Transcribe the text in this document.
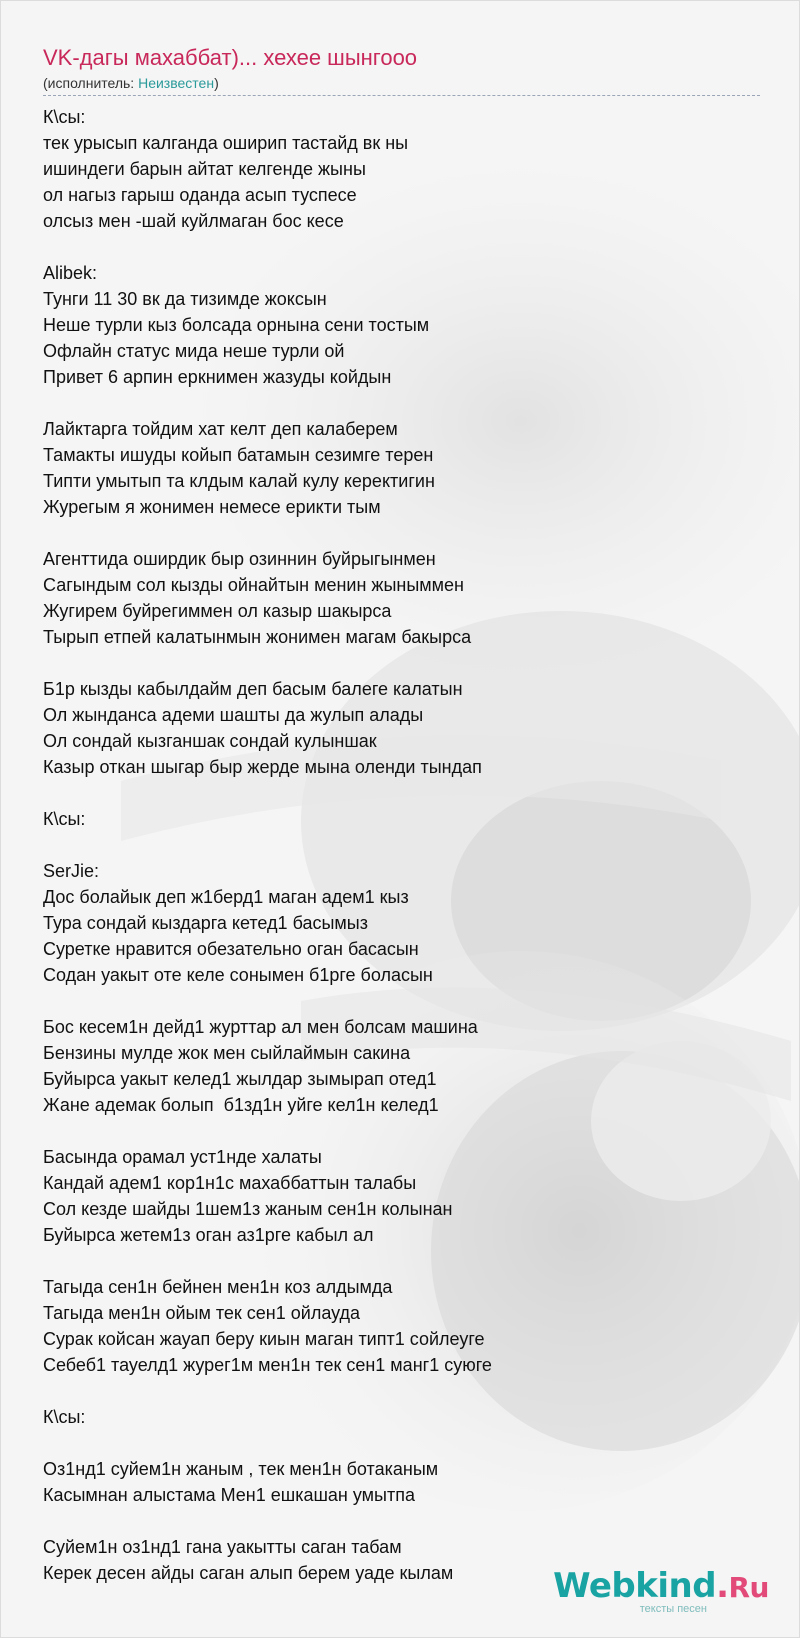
VK-дагы махаббат)... хехее шынгооо
(исполнитель: Неизвестен)
К\сы:
тек урысып калганда оширип тастайд вк ны
ишиндеги барын айтат келгенде жыны
ол нагыз гарыш оданда асып туспесе
олсыз мен -шай куйлмаган бос кесе
Alibek:
Тунги 11 30 вк да тизимде жоксын
Неше турли кыз болсада орнына сени тостым
Офлайн статус мида неше турли ой
Привет 6 арпин еркнимен жазуды койдын
Лайктарга тойдим хат келт деп калаберем
Тамакты ишуды койып батамын сезимге терен
Типти умытып та клдым калай кулу керектигин
Журегым я жонимен немесе ерикти тым
Агенттида оширдик быр озиннин буйрыгынмен
Сагындым сол кызды ойнайтын менин жыныммен
Жугирем буйрегиммен ол казыр шакырса
Тырып етпей калатынмын жонимен магам бакырса
Б1р кызды кабылдайм деп басым балеге калатын
Ол жынданса адеми шашты да жулып алады
Ол сондай кызганшак сондай кулыншак
Казыр откан шыгар быр жерде мына оленди тындап
К\сы:
SerJie:
Дос болайык деп ж1берд1 маган адем1 кыз
Тура сондай кыздарга кетед1 басымыз
Суретке нравится обезательно оган басасын
Содан уакыт оте келе сонымен б1рге боласын
Бос кесем1н дейд1 журттар ал мен болсам машина
Бензины мулде жок мен сыйлаймын сакина
Буйырса уакыт келед1 жылдар зымырап отед1
Жане адемак болып  б1зд1н уйге кел1н келед1
Басында орамал уст1нде халаты
Кандай адем1 кор1н1с махаббаттын талабы
Сол кезде шайды 1шем1з жаным сен1н колынан
Буйырса жетем1з оган аз1рге кабыл ал
Тагыда сен1н бейнен мен1н коз алдымда
Тагыда мен1н ойым тек сен1 ойлауда
Сурак койсан жауап беру киын маган типт1 сойлеуге
Себеб1 тауелд1 журег1м мен1н тек сен1 манг1 суюге
К\сы:
Оз1нд1 суйем1н жаным , тек мен1н ботаканым
Касымнан алыстама Мен1 ешкашан умытпа
Суйем1н оз1нд1 гана уакытты саган табам
Керек десен айды саган алып берем уаде кылам	Webkind.Ru
тексты песен
